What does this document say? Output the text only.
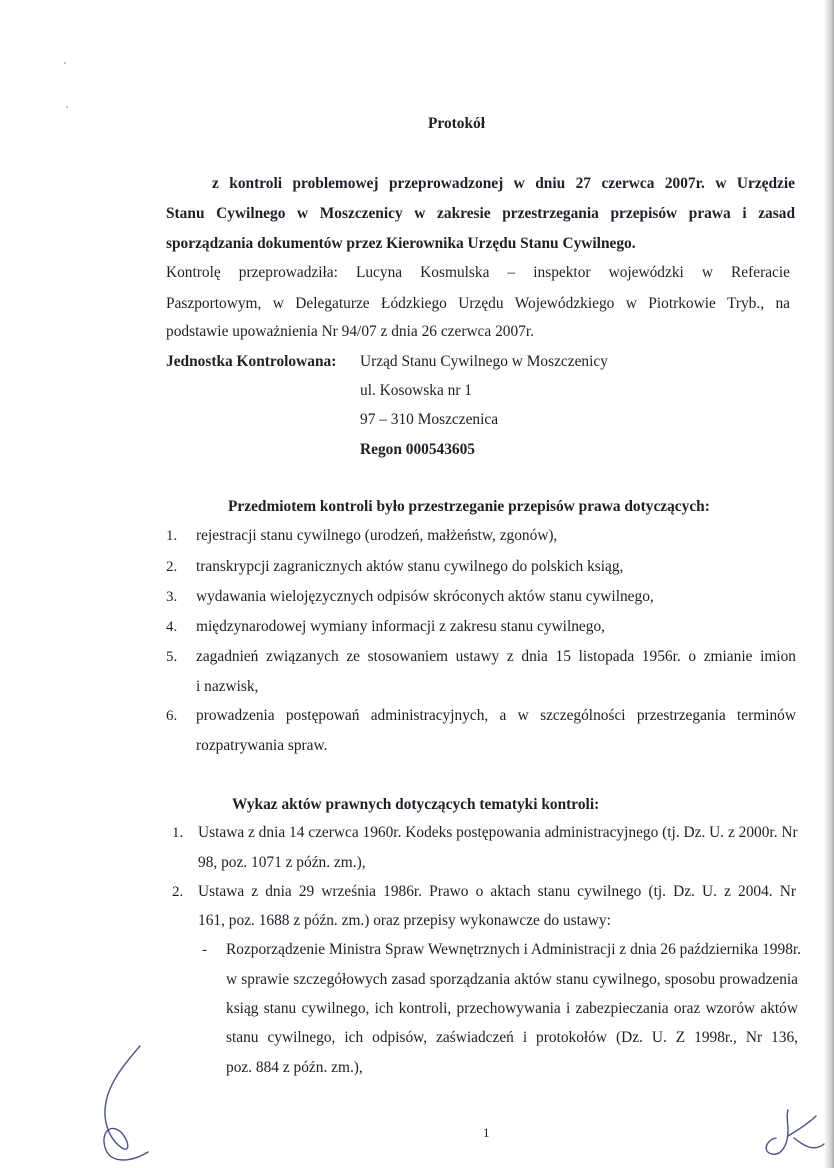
Protokół
z kontroli problemowej przeprowadzonej w dniu 27 czerwca 2007r. w Urzędzie
Stanu Cywilnego w Moszczenicy w zakresie przestrzegania przepisów prawa i zasad
sporządzania dokumentów przez Kierownika Urzędu Stanu Cywilnego.
Kontrolę przeprowadziła: Lucyna Kosmulska – inspektor wojewódzki w Referacie
Paszportowym, w Delegaturze Łódzkiego Urzędu Wojewódzkiego w Piotrkowie Tryb., na
podstawie upoważnienia Nr 94/07 z dnia 26 czerwca 2007r.
Jednostka Kontrolowana: Urząd Stanu Cywilnego w Moszczenicy
ul. Kosowska nr 1
97 – 310 Moszczenica
Regon 000543605
Przedmiotem kontroli było przestrzeganie przepisów prawa dotyczących:
1. rejestracji stanu cywilnego (urodzeń, małżeństw, zgonów),
2. transkrypcji zagranicznych aktów stanu cywilnego do polskich ksiąg,
3. wydawania wielojęzycznych odpisów skróconych aktów stanu cywilnego,
4. międzynarodowej wymiany informacji z zakresu stanu cywilnego,
5. zagadnień związanych ze stosowaniem ustawy z dnia 15 listopada 1956r. o zmianie imion
i nazwisk,
6. prowadzenia postępowań administracyjnych, a w szczególności przestrzegania terminów
rozpatrywania spraw.
Wykaz aktów prawnych dotyczących tematyki kontroli:
1. Ustawa z dnia 14 czerwca 1960r. Kodeks postępowania administracyjnego (tj. Dz. U. z 2000r. Nr
98, poz. 1071 z późn. zm.),
2. Ustawa z dnia 29 września 1986r. Prawo o aktach stanu cywilnego (tj. Dz. U. z 2004. Nr
161, poz. 1688 z późn. zm.) oraz przepisy wykonawcze do ustawy:
- Rozporządzenie Ministra Spraw Wewnętrznych i Administracji z dnia 26 października 1998r.
w sprawie szczegółowych zasad sporządzania aktów stanu cywilnego, sposobu prowadzenia
ksiąg stanu cywilnego, ich kontroli, przechowywania i zabezpieczania oraz wzorów aktów
stanu cywilnego, ich odpisów, zaświadczeń i protokołów (Dz. U. Z 1998r., Nr 136,
poz. 884 z późn. zm.),
1
